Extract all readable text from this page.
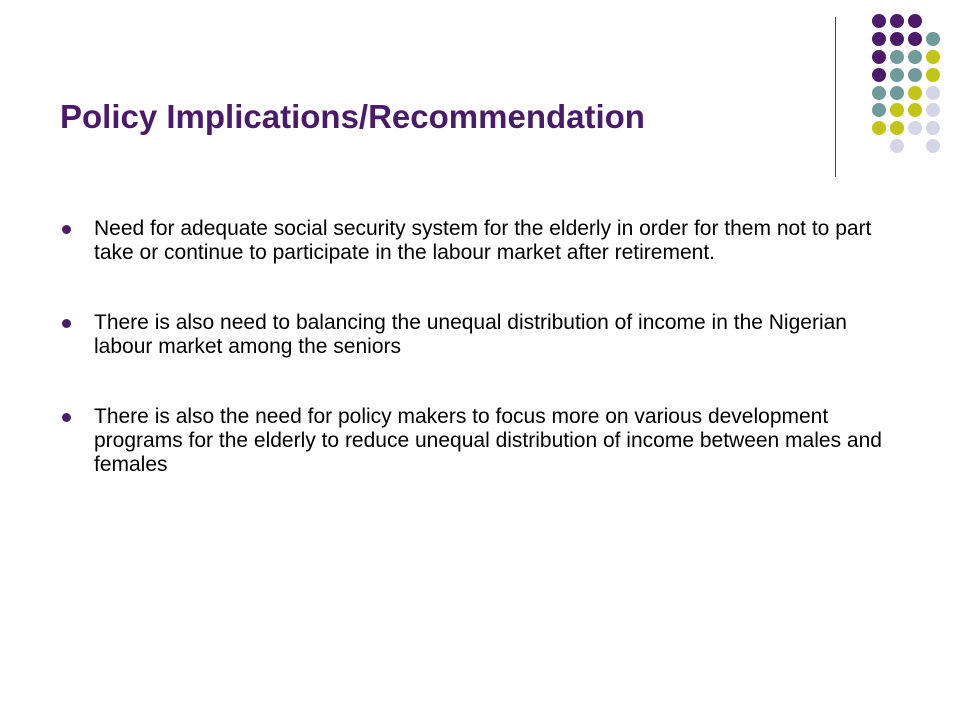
Policy Implications/Recommendation
Need for adequate social security system for the elderly in order for them not to part take or continue to participate in the labour market after retirement.
There is also need to balancing the unequal distribution of income in the Nigerian labour market among the seniors
There is also the need for policy makers to focus more on various development programs for the elderly to reduce unequal distribution of income between males and females
